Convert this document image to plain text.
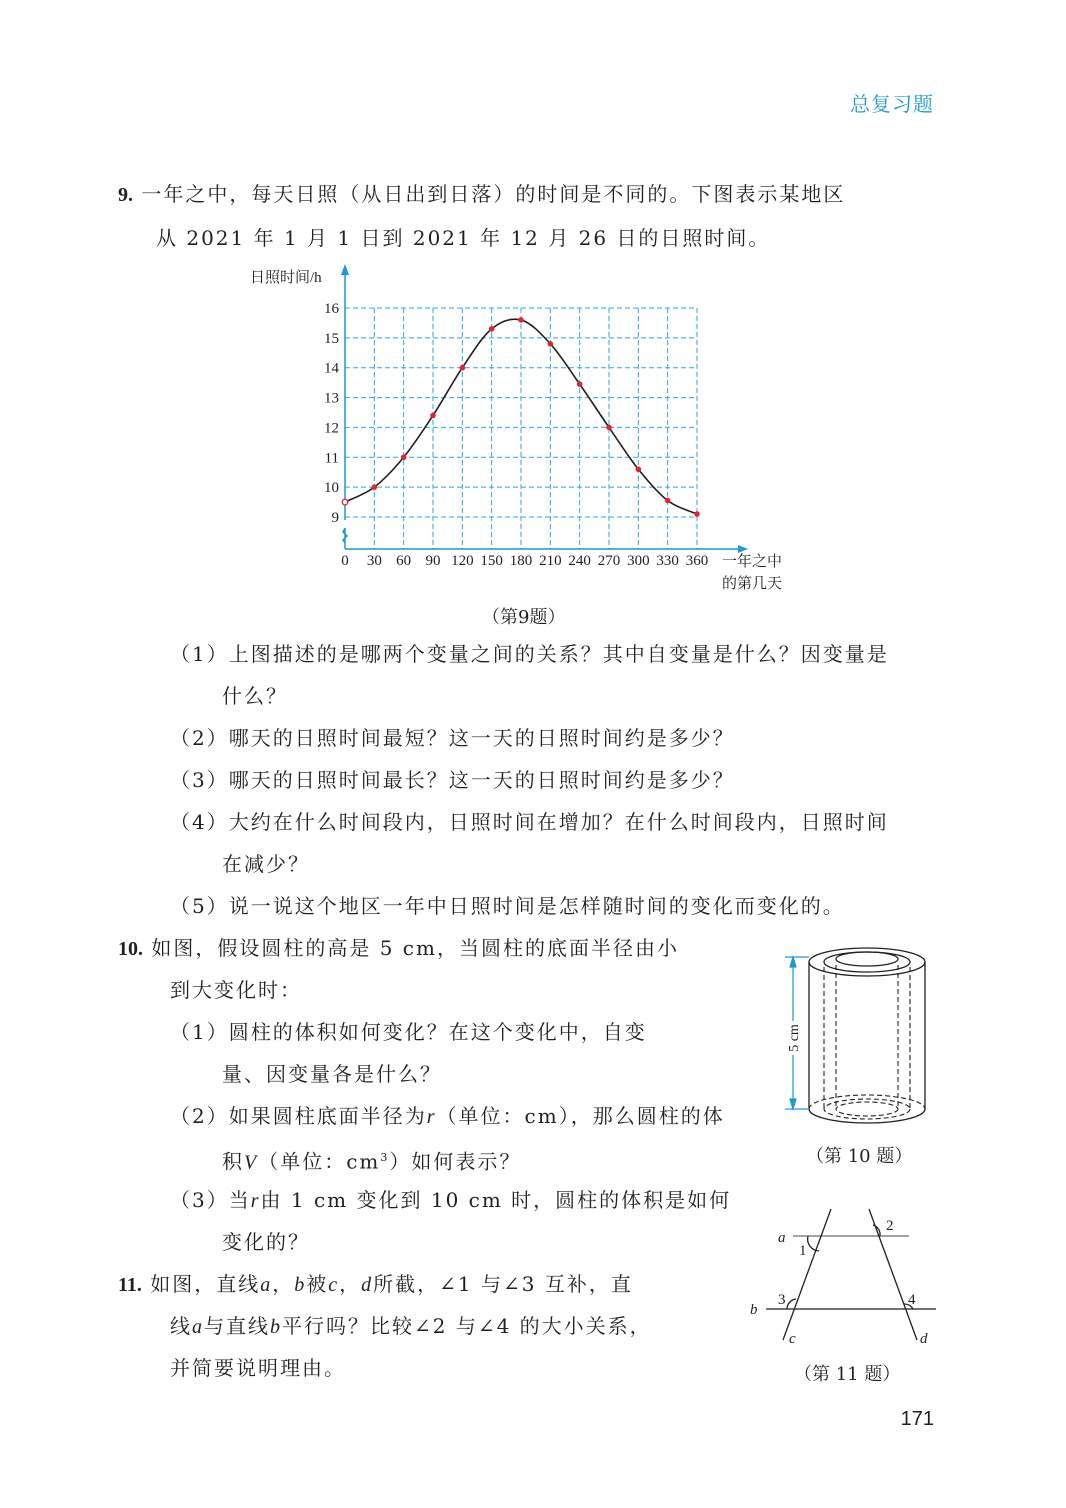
总复习题
9. 一年之中，每天日照（从日出到日落）的时间是不同的。下图表示某地区
从 2021 年 1 月 1 日到 2021 年 12 月 26 日的日照时间。
0 30 60 90 120 150 180 210 240 270 300 330 360
9
10
11
12
13
14
15
16
日照时间/h
一年之中
的第几天
（第9题）
（1）上图描述的是哪两个变量之间的关系？其中自变量是什么？因变量是
什么？
（2）哪天的日照时间最短？这一天的日照时间约是多少？
（3）哪天的日照时间最长？这一天的日照时间约是多少？
（4）大约在什么时间段内，日照时间在增加？在什么时间段内，日照时间
在减少？
（5）说一说这个地区一年中日照时间是怎样随时间的变化而变化的。
10. 如图，假设圆柱的高是 5 cm，当圆柱的底面半径由小
到大变化时：
（1）圆柱的体积如何变化？在这个变化中，自变
量、因变量各是什么？
（2）如果圆柱底面半径为r（单位：cm），那么圆柱的体
积V（单位：$cm^3$）如何表示？
（3）当r由 1 cm 变化到 10 cm 时，圆柱的体积是如何
变化的？
5 cm
（第 10 题）
11. 如图，直线a，b被c，d所截，∠1 与∠3 互补，直
线a与直线b平行吗？比较∠2 与∠4 的大小关系，
并简要说明理由。
a
b
c	d
1
2
3	4
（第 11 题）
171
